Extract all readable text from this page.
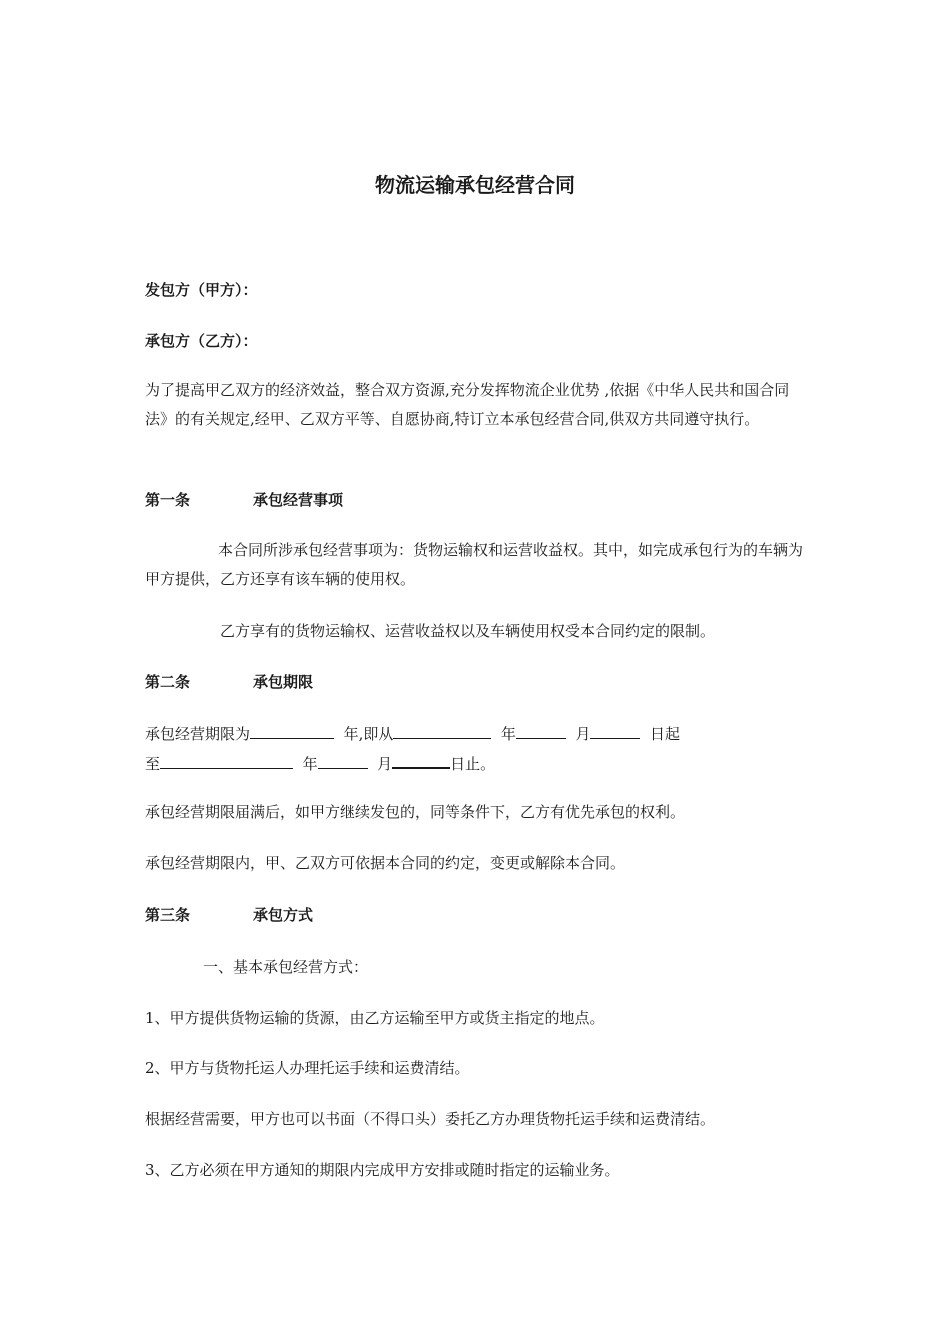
物流运输承包经营合同

发包方（甲方）：

承包方（乙方）：

为了提高甲乙双方的经济效益，整合双方资源,充分发挥物流企业优势 ,依据《中华人民共和国合同法》的有关规定,经甲、乙双方平等、自愿协商,特订立本承包经营合同,供双方共同遵守执行。

第一条	承包经营事项

本合同所涉承包经营事项为：货物运输权和运营收益权。其中，如完成承包行为的车辆为甲方提供，乙方还享有该车辆的使用权。

乙方享有的货物运输权、运营收益权以及车辆使用权受本合同约定的限制。

第二条	承包期限

承包经营期限为	年,即从	年	月	日起
至	年	月	日止。

承包经营期限届满后，如甲方继续发包的，同等条件下，乙方有优先承包的权利。

承包经营期限内，甲、乙双方可依据本合同的约定，变更或解除本合同。

第三条	承包方式

一、基本承包经营方式：

1、甲方提供货物运输的货源，由乙方运输至甲方或货主指定的地点。

2、甲方与货物托运人办理托运手续和运费清结。

根据经营需要，甲方也可以书面（不得口头）委托乙方办理货物托运手续和运费清结。

3、乙方必须在甲方通知的期限内完成甲方安排或随时指定的运输业务。
